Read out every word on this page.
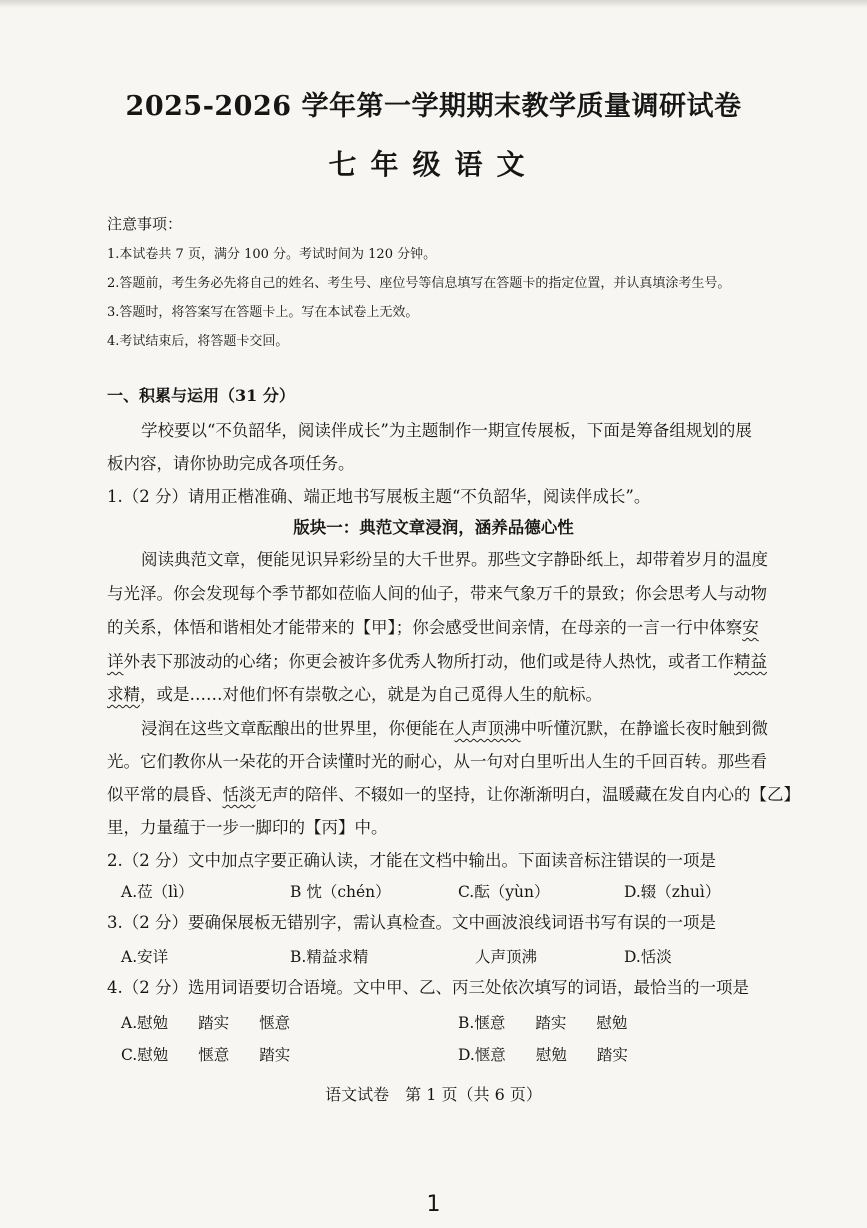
2025-2026 学年第一学期期末教学质量调研试卷
七年级语文
注意事项：
1.本试卷共 7 页，满分 100 分。考试时间为 120 分钟。
2.答题前，考生务必先将自己的姓名、考生号、座位号等信息填写在答题卡的指定位置，并认真填涂考生号。
3.答题时，将答案写在答题卡上。写在本试卷上无效。
4.考试结束后，将答题卡交回。
一、积累与运用（31 分）
学校要以“不负韶华，阅读伴成长”为主题制作一期宣传展板，下面是筹备组规划的展
板内容，请你协助完成各项任务。
1.（2 分）请用正楷准确、端正地书写展板主题“不负韶华，阅读伴成长”。
版块一：典范文章浸润，涵养品德心性
阅读典范文章，便能见识异彩纷呈的大千世界。那些文字静卧纸上，却带着岁月的温度
与光泽。你会发现每个季节都如莅临人间的仙子，带来气象万千的景致；你会思考人与动物
的关系，体悟和谐相处才能带来的【甲】；你会感受世间亲情，在母亲的一言一行中体察安
详外表下那波动的心绪；你更会被许多优秀人物所打动，他们或是待人热忱，或者工作精益
求精，或是……对他们怀有崇敬之心，就是为自己觅得人生的航标。
浸润在这些文章酝酿出的世界里，你便能在人声顶沸中听懂沉默，在静谧长夜时触到微
光。它们教你从一朵花的开合读懂时光的耐心，从一句对白里听出人生的千回百转。那些看
似平常的晨昏、恬淡无声的陪伴、不辍如一的坚持，让你渐渐明白，温暖藏在发自内心的【乙】
里，力量蕴于一步一脚印的【丙】中。
2.（2 分）文中加点字要正确认读，才能在文档中输出。下面读音标注错误的一项是
A.莅（lì）	B 忱（chén）	C.酝（yùn）	D.辍（zhuì）
3.（2 分）要确保展板无错别字，需认真检查。文中画波浪线词语书写有误的一项是
A.安详	B.精益求精	人声顶沸	D.恬淡
4.（2 分）选用词语要切合语境。文中甲、乙、丙三处依次填写的词语，最恰当的一项是
A.慰勉 踏实 惬意	B.惬意 踏实 慰勉
C.慰勉 惬意 踏实	D.惬意 慰勉 踏实
语文试卷　第 1 页（共 6 页）
1
